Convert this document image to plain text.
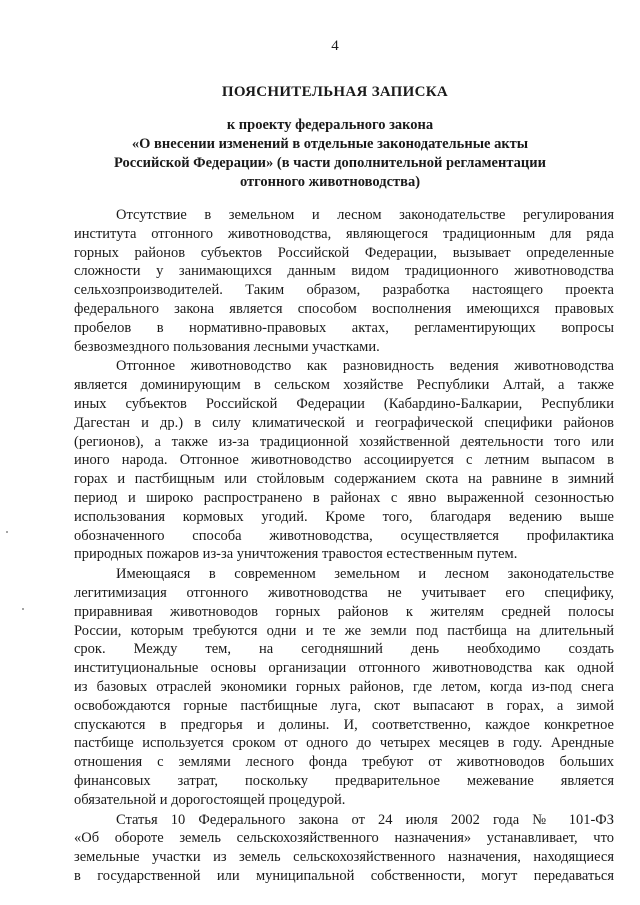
4
ПОЯСНИТЕЛЬНАЯ ЗАПИСКА
к проекту федерального закона
«О внесении изменений в отдельные законодательные акты
Российской Федерации» (в части дополнительной регламентации
отгонного животноводства)
Отсутствие в земельном и лесном законодательстве регулирования
института отгонного животноводства, являющегося традиционным для ряда
горных районов субъектов Российской Федерации, вызывает определенные
сложности у занимающихся данным видом традиционного животноводства
сельхозпроизводителей. Таким образом, разработка настоящего проекта
федерального закона является способом восполнения имеющихся правовых
пробелов в нормативно-правовых актах, регламентирующих вопросы
безвозмездного пользования лесными участками.
Отгонное животноводство как разновидность ведения животноводства
является доминирующим в сельском хозяйстве Республики Алтай, а также
иных субъектов Российской Федерации (Кабардино-Балкарии, Республики
Дагестан и др.) в силу климатической и географической специфики районов
(регионов), а также из-за традиционной хозяйственной деятельности того или
иного народа. Отгонное животноводство ассоциируется с летним выпасом в
горах и пастбищным или стойловым содержанием скота на равнине в зимний
период и широко распространено в районах с явно выраженной сезонностью
использования кормовых угодий. Кроме того, благодаря ведению выше
обозначенного способа животноводства, осуществляется профилактика
природных пожаров из-за уничтожения травостоя естественным путем.
Имеющаяся в современном земельном и лесном законодательстве
легитимизация отгонного животноводства не учитывает его специфику,
приравнивая животноводов горных районов к жителям средней полосы
России, которым требуются одни и те же земли под пастбища на длительный
срок. Между тем, на сегодняшний день необходимо создать
институциональные основы организации отгонного животноводства как одной
из базовых отраслей экономики горных районов, где летом, когда из-под снега
освобождаются горные пастбищные луга, скот выпасают в горах, а зимой
спускаются в предгорья и долины. И, соответственно, каждое конкретное
пастбище используется сроком от одного до четырех месяцев в году. Арендные
отношения с землями лесного фонда требуют от животноводов больших
финансовых затрат, поскольку предварительное межевание является
обязательной и дорогостоящей процедурой.
Статья 10 Федерального закона от 24 июля 2002 года № 101-ФЗ
«Об обороте земель сельскохозяйственного назначения» устанавливает, что
земельные участки из земель сельскохозяйственного назначения, находящиеся
в государственной или муниципальной собственности, могут передаваться
